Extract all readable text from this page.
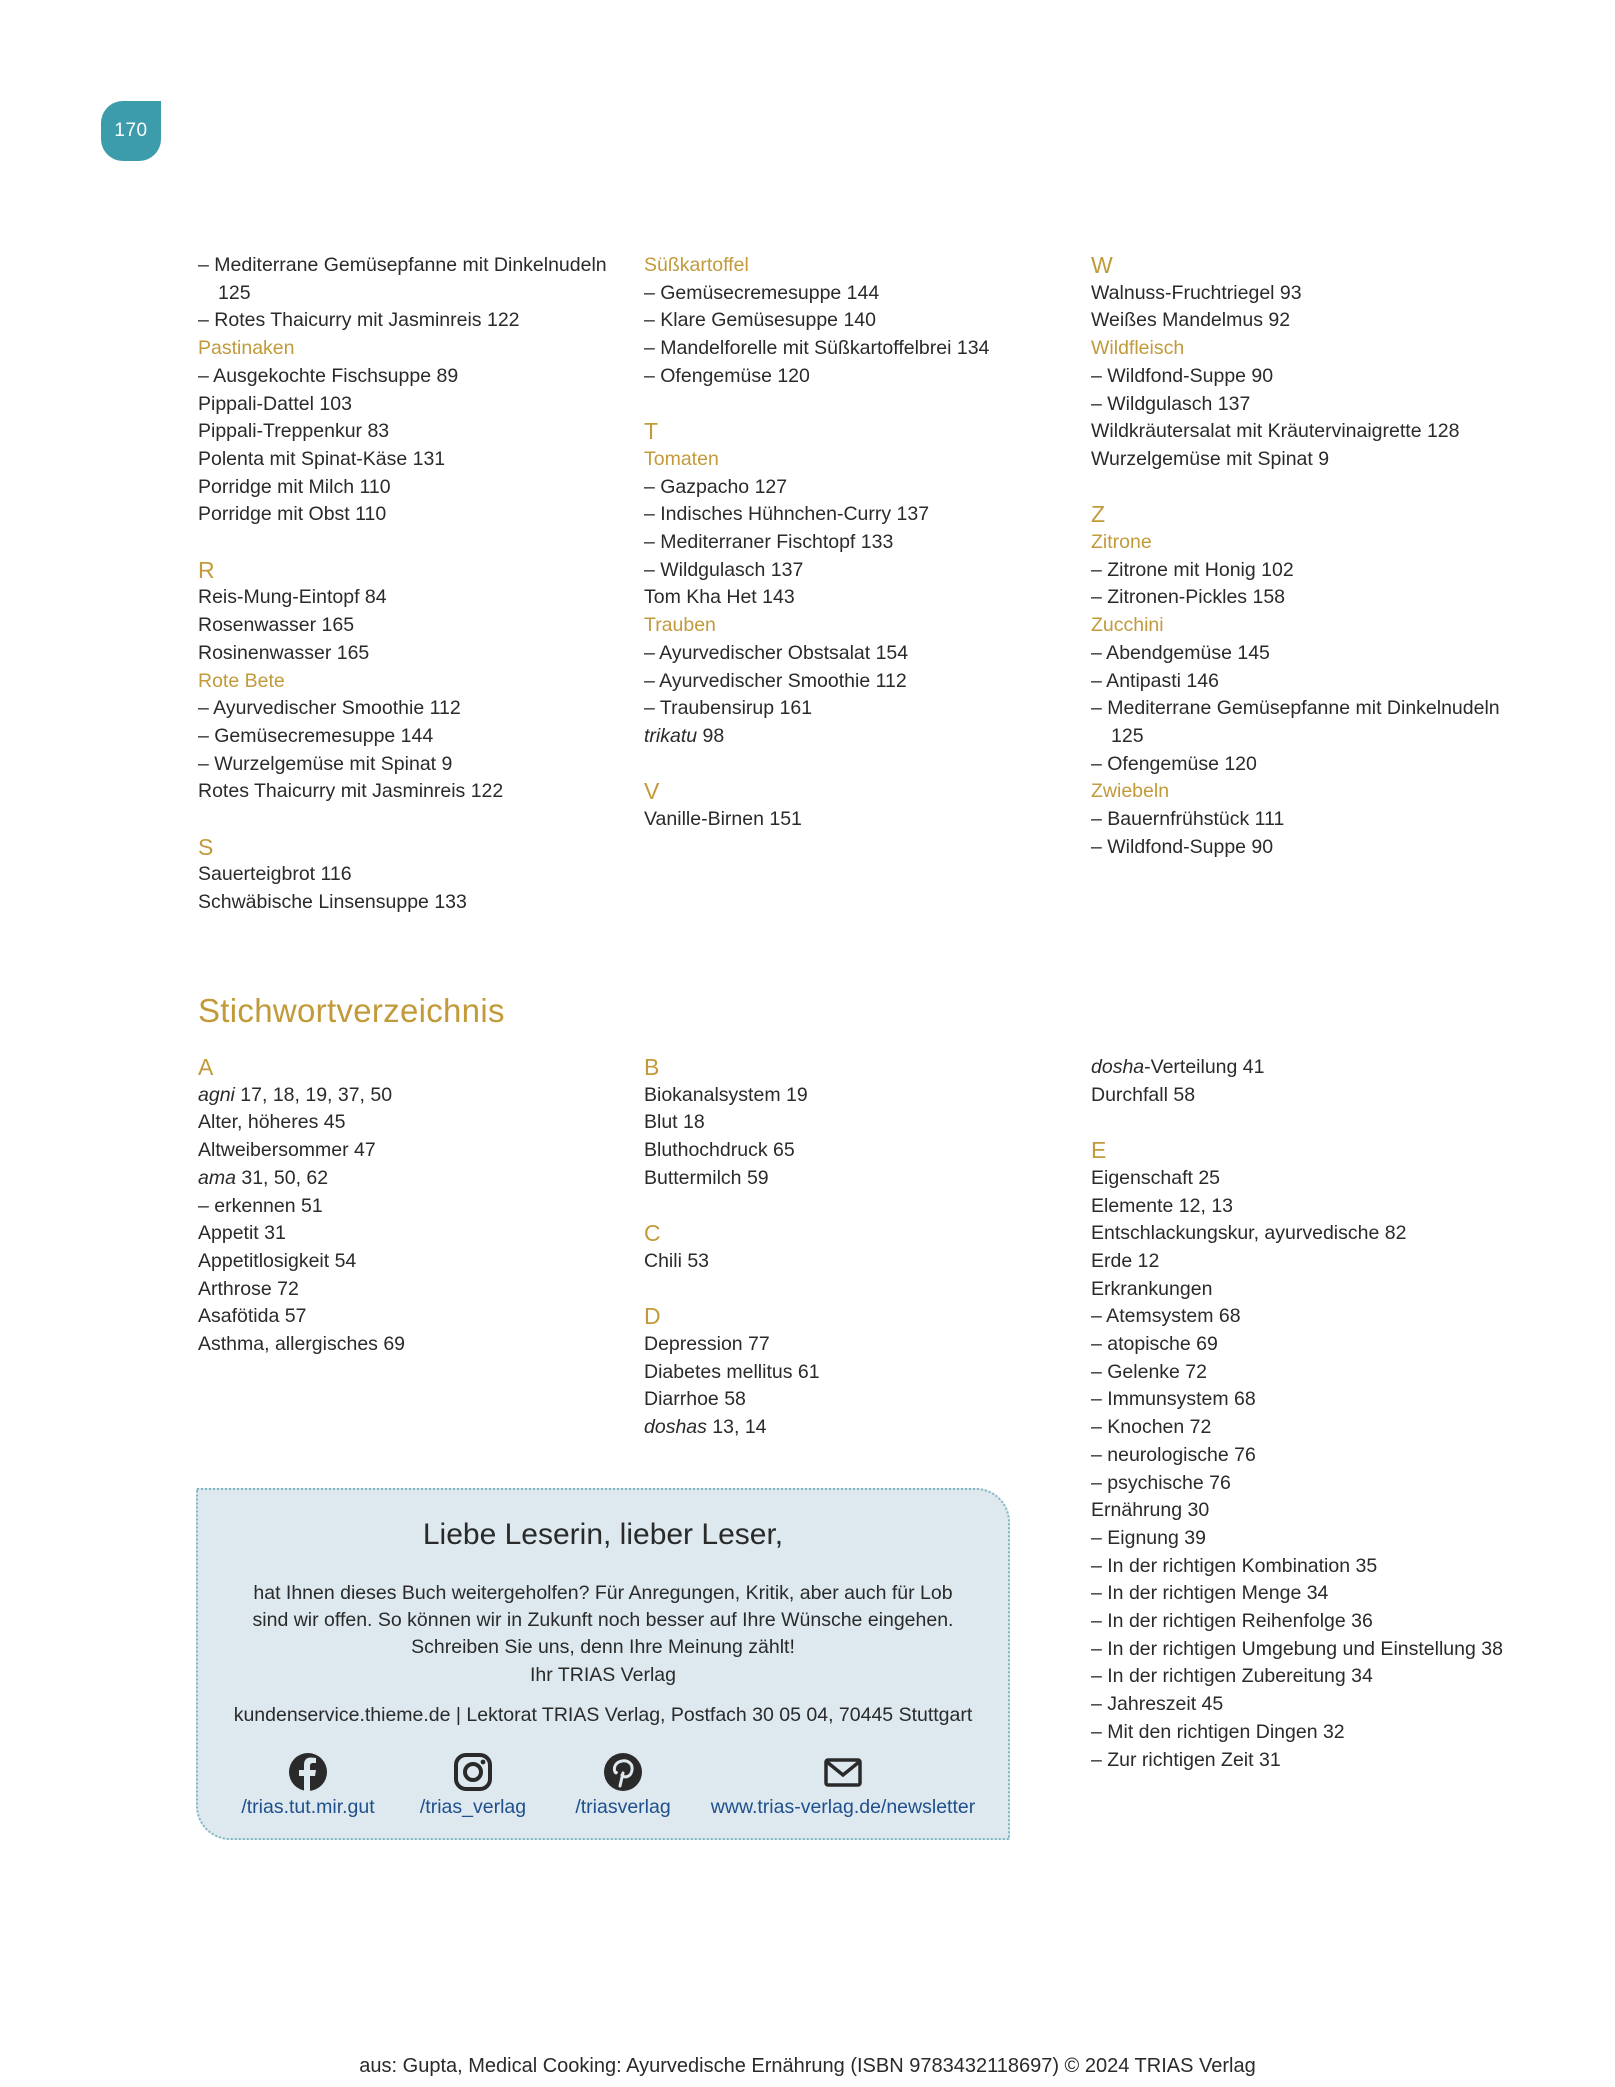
170
– Mediterrane Gemüsepfanne mit Dinkelnudeln 125
– Rotes Thaicurry mit Jasminreis 122
Pastinaken
– Ausgekochte Fischsuppe 89
Pippali-Dattel 103
Pippali-Treppenkur 83
Polenta mit Spinat-Käse 131
Porridge mit Milch 110
Porridge mit Obst 110
R
Reis-Mung-Eintopf 84
Rosenwasser 165
Rosinenwasser 165
Rote Bete
– Ayurvedischer Smoothie 112
– Gemüsecremesuppe 144
– Wurzelgemüse mit Spinat 9
Rotes Thaicurry mit Jasminreis 122
S
Sauerteigbrot 116
Schwäbische Linsensuppe 133
Süßkartoffel
– Gemüsecremesuppe 144
– Klare Gemüsesuppe 140
– Mandelforelle mit Süßkartoffelbrei 134
– Ofengemüse 120
T
Tomaten
– Gazpacho 127
– Indisches Hühnchen-Curry 137
– Mediterraner Fischtopf 133
– Wildgulasch 137
Tom Kha Het 143
Trauben
– Ayurvedischer Obstsalat 154
– Ayurvedischer Smoothie 112
– Traubensirup 161
trikatu 98
V
Vanille-Birnen 151
W
Walnuss-Fruchtriegel 93
Weißes Mandelmus 92
Wildfleisch
– Wildfond-Suppe 90
– Wildgulasch 137
Wildkräutersalat mit Kräutervinaigrette 128
Wurzelgemüse mit Spinat 9
Z
Zitrone
– Zitrone mit Honig 102
– Zitronen-Pickles 158
Zucchini
– Abendgemüse 145
– Antipasti 146
– Mediterrane Gemüsepfanne mit Dinkelnudeln 125
– Ofengemüse 120
Zwiebeln
– Bauernfrühstück 111
– Wildfond-Suppe 90
Stichwortverzeichnis
A
agni 17, 18, 19, 37, 50
Alter, höheres 45
Altweibersommer 47
ama 31, 50, 62
– erkennen 51
Appetit 31
Appetitlosigkeit 54
Arthrose 72
Asafötida 57
Asthma, allergisches 69
B
Biokanalsystem 19
Blut 18
Bluthochdruck 65
Buttermilch 59
C
Chili 53
D
Depression 77
Diabetes mellitus 61
Diarrhoe 58
doshas 13, 14
dosha-Verteilung 41
Durchfall 58
E
Eigenschaft 25
Elemente 12, 13
Entschlackungskur, ayurvedische 82
Erde 12
Erkrankungen
– Atemsystem 68
– atopische 69
– Gelenke 72
– Immunsystem 68
– Knochen 72
– neurologische 76
– psychische 76
Ernährung 30
– Eignung 39
– In der richtigen Kombination 35
– In der richtigen Menge 34
– In der richtigen Reihenfolge 36
– In der richtigen Umgebung und Einstellung 38
– In der richtigen Zubereitung 34
– Jahreszeit 45
– Mit den richtigen Dingen 32
– Zur richtigen Zeit 31
Liebe Leserin, lieber Leser,
hat Ihnen dieses Buch weitergeholfen? Für Anregungen, Kritik, aber auch für Lob
sind wir offen. So können wir in Zukunft noch besser auf Ihre Wünsche eingehen.
Schreiben Sie uns, denn Ihre Meinung zählt!
Ihr TRIAS Verlag
kundenservice.thieme.de | Lektorat TRIAS Verlag, Postfach 30 05 04, 70445 Stuttgart
/trias.tut.mir.gut	/trias_verlag	/triasverlag	www.trias-verlag.de/newsletter
aus: Gupta, Medical Cooking: Ayurvedische Ernährung (ISBN 9783432118697) © 2024 TRIAS Verlag
